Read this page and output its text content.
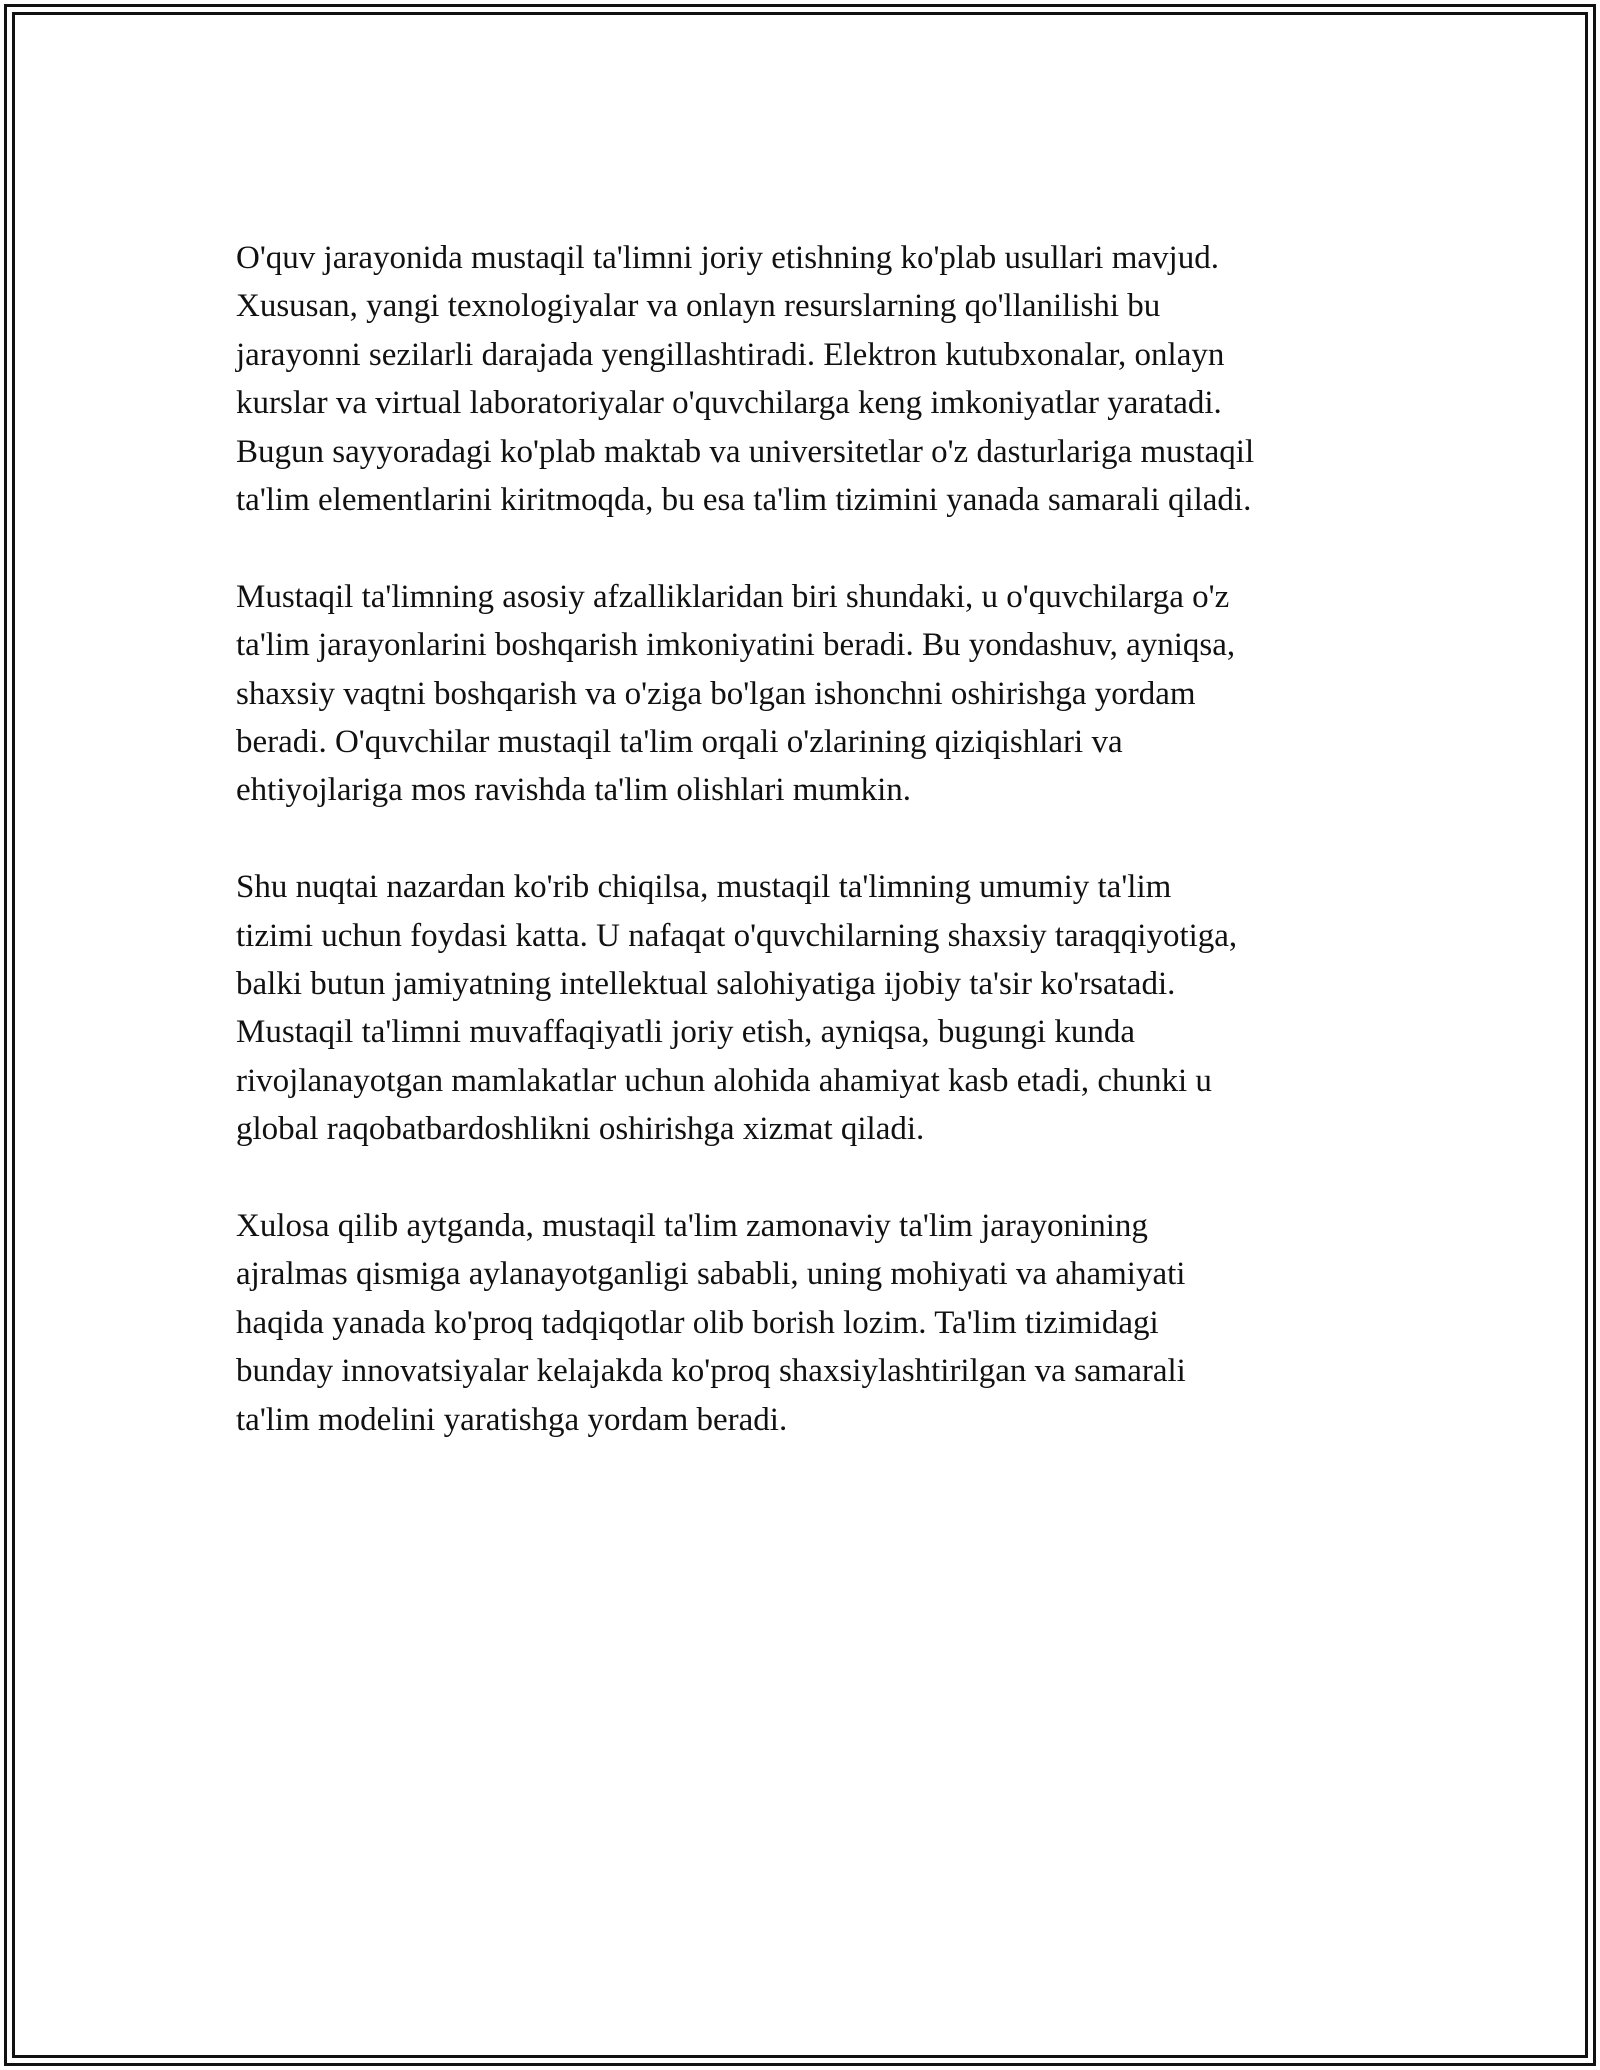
O'quv jarayonida mustaqil ta'limni joriy etishning ko'plab usullari mavjud.
Xususan, yangi texnologiyalar va onlayn resurslarning qo'llanilishi bu
jarayonni sezilarli darajada yengillashtiradi. Elektron kutubxonalar, onlayn
kurslar va virtual laboratoriyalar o'quvchilarga keng imkoniyatlar yaratadi.
Bugun sayyoradagi ko'plab maktab va universitetlar o'z dasturlariga mustaqil
ta'lim elementlarini kiritmoqda, bu esa ta'lim tizimini yanada samarali qiladi.

Mustaqil ta'limning asosiy afzalliklaridan biri shundaki, u o'quvchilarga o'z
ta'lim jarayonlarini boshqarish imkoniyatini beradi. Bu yondashuv, ayniqsa,
shaxsiy vaqtni boshqarish va o'ziga bo'lgan ishonchni oshirishga yordam
beradi. O'quvchilar mustaqil ta'lim orqali o'zlarining qiziqishlari va
ehtiyojlariga mos ravishda ta'lim olishlari mumkin.

Shu nuqtai nazardan ko'rib chiqilsa, mustaqil ta'limning umumiy ta'lim
tizimi uchun foydasi katta. U nafaqat o'quvchilarning shaxsiy taraqqiyotiga,
balki butun jamiyatning intellektual salohiyatiga ijobiy ta'sir ko'rsatadi.
Mustaqil ta'limni muvaffaqiyatli joriy etish, ayniqsa, bugungi kunda
rivojlanayotgan mamlakatlar uchun alohida ahamiyat kasb etadi, chunki u
global raqobatbardoshlikni oshirishga xizmat qiladi.

Xulosa qilib aytganda, mustaqil ta'lim zamonaviy ta'lim jarayonining
ajralmas qismiga aylanayotganligi sababli, uning mohiyati va ahamiyati
haqida yanada ko'proq tadqiqotlar olib borish lozim. Ta'lim tizimidagi
bunday innovatsiyalar kelajakda ko'proq shaxsiylashtirilgan va samarali
ta'lim modelini yaratishga yordam beradi.
